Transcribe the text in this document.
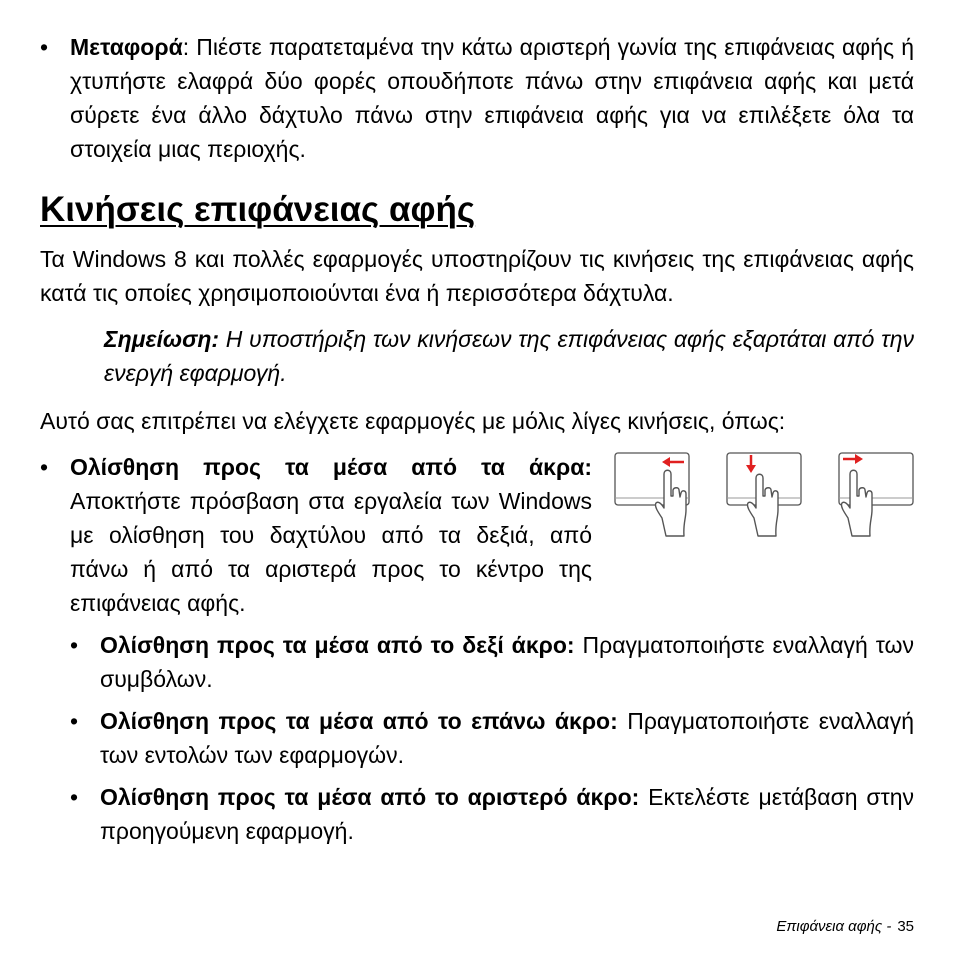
• Μεταφορά: Πιέστε παρατεταμένα την κάτω αριστερή γωνία της επιφάνειας αφής ή χτυπήστε ελαφρά δύο φορές οπουδήποτε πάνω στην επιφάνεια αφής και μετά σύρετε ένα άλλο δάχτυλο πάνω στην επιφάνεια αφής για να επιλέξετε όλα τα στοιχεία μιας περιοχής.

Κινήσεις επιφάνειας αφής

Τα Windows 8 και πολλές εφαρμογές υποστηρίζουν τις κινήσεις της επιφάνειας αφής κατά τις οποίες χρησιμοποιούνται ένα ή περισσότερα δάχτυλα.

Σημείωση: Η υποστήριξη των κινήσεων της επιφάνειας αφής εξαρτάται από την ενεργή εφαρμογή.

Αυτό σας επιτρέπει να ελέγχετε εφαρμογές με μόλις λίγες κινήσεις, όπως:

• Ολίσθηση προς τα μέσα από τα άκρα: Αποκτήστε πρόσβαση στα εργαλεία των Windows με ολίσθηση του δαχτύλου από τα δεξιά, από πάνω ή από τα αριστερά προς το κέντρο της επιφάνειας αφής.

• Ολίσθηση προς τα μέσα από το δεξί άκρο: Πραγματοποιήστε εναλλαγή των συμβόλων.

• Ολίσθηση προς τα μέσα από το επάνω άκρο: Πραγματοποιήστε εναλλαγή των εντολών των εφαρμογών.

• Ολίσθηση προς τα μέσα από το αριστερό άκρο: Εκτελέστε μετάβαση στην προηγούμενη εφαρμογή.

Επιφάνεια αφής - 35
